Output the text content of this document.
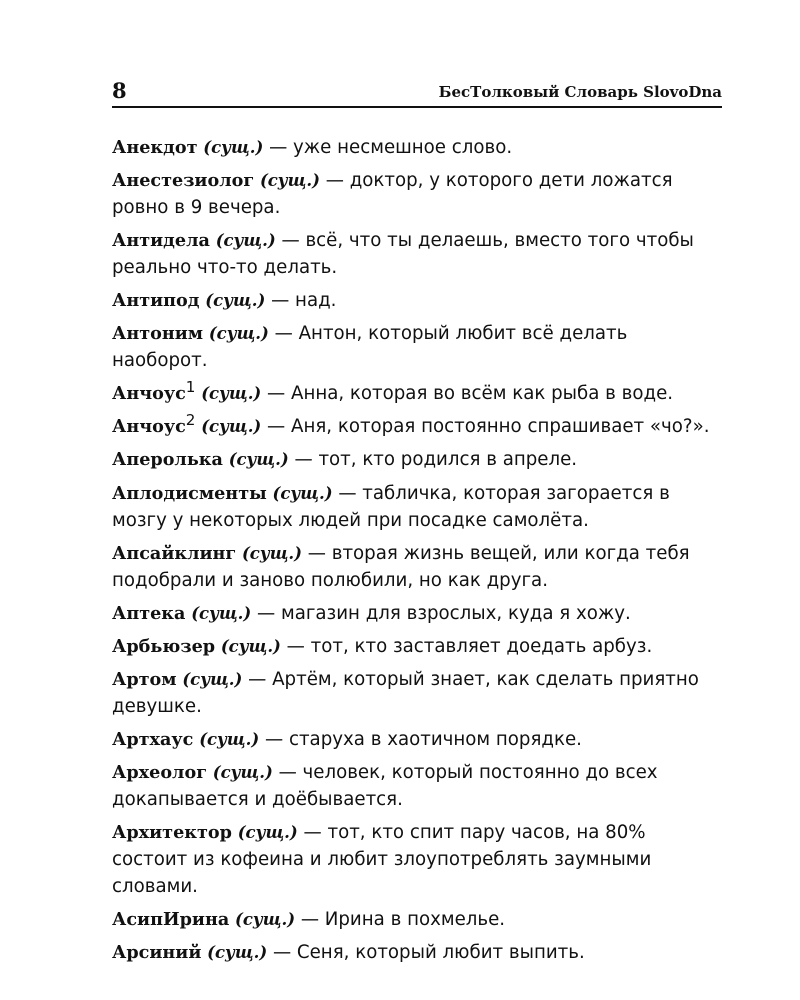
8	БесТолковый Словарь SlovoDna

Анекдот (сущ.) — уже несмешное слово.

Анестезиолог (сущ.) — доктор, у которого дети ложатся ровно в 9 вечера.

Антидела (сущ.) — всё, что ты делаешь, вместо того чтобы реально что-то делать.

Антипод (сущ.) — над.

Антоним (сущ.) — Антон, который любит всё делать наоборот.

Анчоус$^1$ (сущ.) — Анна, которая во всём как рыба в воде.

Анчоус$^2$ (сущ.) — Аня, которая постоянно спрашивает «чо?».

Аперолька (сущ.) — тот, кто родился в апреле.

Аплодисменты (сущ.) — табличка, которая загорается в мозгу у некоторых людей при посадке самолёта.

Апсайклинг (сущ.) — вторая жизнь вещей, или когда тебя подобрали и заново полюбили, но как друга.

Аптека (сущ.) — магазин для взрослых, куда я хожу.

Арбьюзер (сущ.) — тот, кто заставляет доедать арбуз.

Артом (сущ.) — Артём, который знает, как сделать приятно девушке.

Артхаус (сущ.) — старуха в хаотичном порядке.

Археолог (сущ.) — человек, который постоянно до всех докапывается и доёбывается.

Архитектор (сущ.) — тот, кто спит пару часов, на 80% состоит из кофеина и любит злоупотреблять заумными словами.

АсипИрина (сущ.) — Ирина в похмелье.

Арсиний (сущ.) — Сеня, который любит выпить.
